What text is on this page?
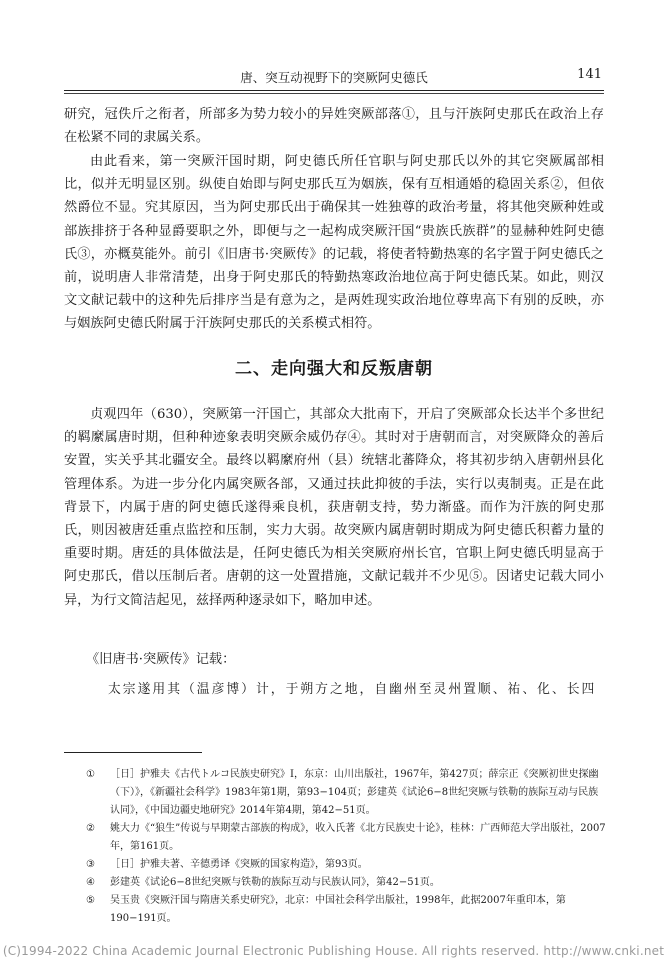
唐、突互动视野下的突厥阿史德氏	141

研究，冠佚斤之衔者，所部多为势力较小的异姓突厥部落①，且与汗族阿史那氏在政治上存在松紧不同的隶属关系。

由此看来，第一突厥汗国时期，阿史德氏所任官职与阿史那氏以外的其它突厥属部相比，似并无明显区别。纵使自始即与阿史那氏互为姻族，保有互相通婚的稳固关系②，但依然爵位不显。究其原因，当为阿史那氏出于确保其一姓独尊的政治考量，将其他突厥种姓或部族排挤于各种显爵要职之外，即便与之一起构成突厥汗国“贵族氏族群”的显赫种姓阿史德氏③，亦概莫能外。前引《旧唐书·突厥传》的记载，将使者特勤热寒的名字置于阿史德氏之前，说明唐人非常清楚，出身于阿史那氏的特勤热寒政治地位高于阿史德氏某。如此，则汉文文献记载中的这种先后排序当是有意为之，是两姓现实政治地位尊卑高下有别的反映，亦与姻族阿史德氏附属于汗族阿史那氏的关系模式相符。

二、走向强大和反叛唐朝

贞观四年（630），突厥第一汗国亡，其部众大批南下，开启了突厥部众长达半个多世纪的羁縻属唐时期，但种种迹象表明突厥余威仍存④。其时对于唐朝而言，对突厥降众的善后安置，实关乎其北疆安全。最终以羁縻府州（县）统辖北蕃降众，将其初步纳入唐朝州县化管理体系。为进一步分化内属突厥各部，又通过扶此抑彼的手法，实行以夷制夷。正是在此背景下，内属于唐的阿史德氏遂得乘良机，获唐朝支持，势力渐盛。而作为汗族的阿史那氏，则因被唐廷重点监控和压制，实力大弱。故突厥内属唐朝时期成为阿史德氏积蓄力量的重要时期。唐廷的具体做法是，任阿史德氏为相关突厥府州长官，官职上阿史德氏明显高于阿史那氏，借以压制后者。唐朝的这一处置措施，文献记载并不少见⑤。因诸史记载大同小异，为行文简洁起见，兹择两种逐录如下，略加申述。

《旧唐书·突厥传》记载：
太宗遂用其（温彦博）计，于朔方之地，自幽州至灵州置顺、祐、化、长四
① ［日］护雅夫《古代トルコ民族史研究》Ⅰ，东京：山川出版社，1967年，第427页；薛宗正《突厥初世史探幽（下）》，《新疆社会科学》1983年第1期，第93−104页；彭建英《试论6−8世纪突厥与铁勒的族际互动与民族认同》，《中国边疆史地研究》2014年第4期，第42−51页。
② 姚大力《“狼生”传说与早期蒙古部族的构成》，收入氏著《北方民族史十论》，桂林：广西师范大学出版社，2007年，第161页。
③ ［日］护雅夫著、辛德勇译《突厥的国家构造》，第93页。
④ 彭建英《试论6−8世纪突厥与铁勒的族际互动与民族认同》，第42−51页。
⑤ 吴玉贵《突厥汗国与隋唐关系史研究》，北京：中国社会科学出版社，1998年，此据2007年重印本，第190−191页。
(C)1994-2022 China Academic Journal Electronic Publishing House. All rights reserved. http://www.cnki.net
